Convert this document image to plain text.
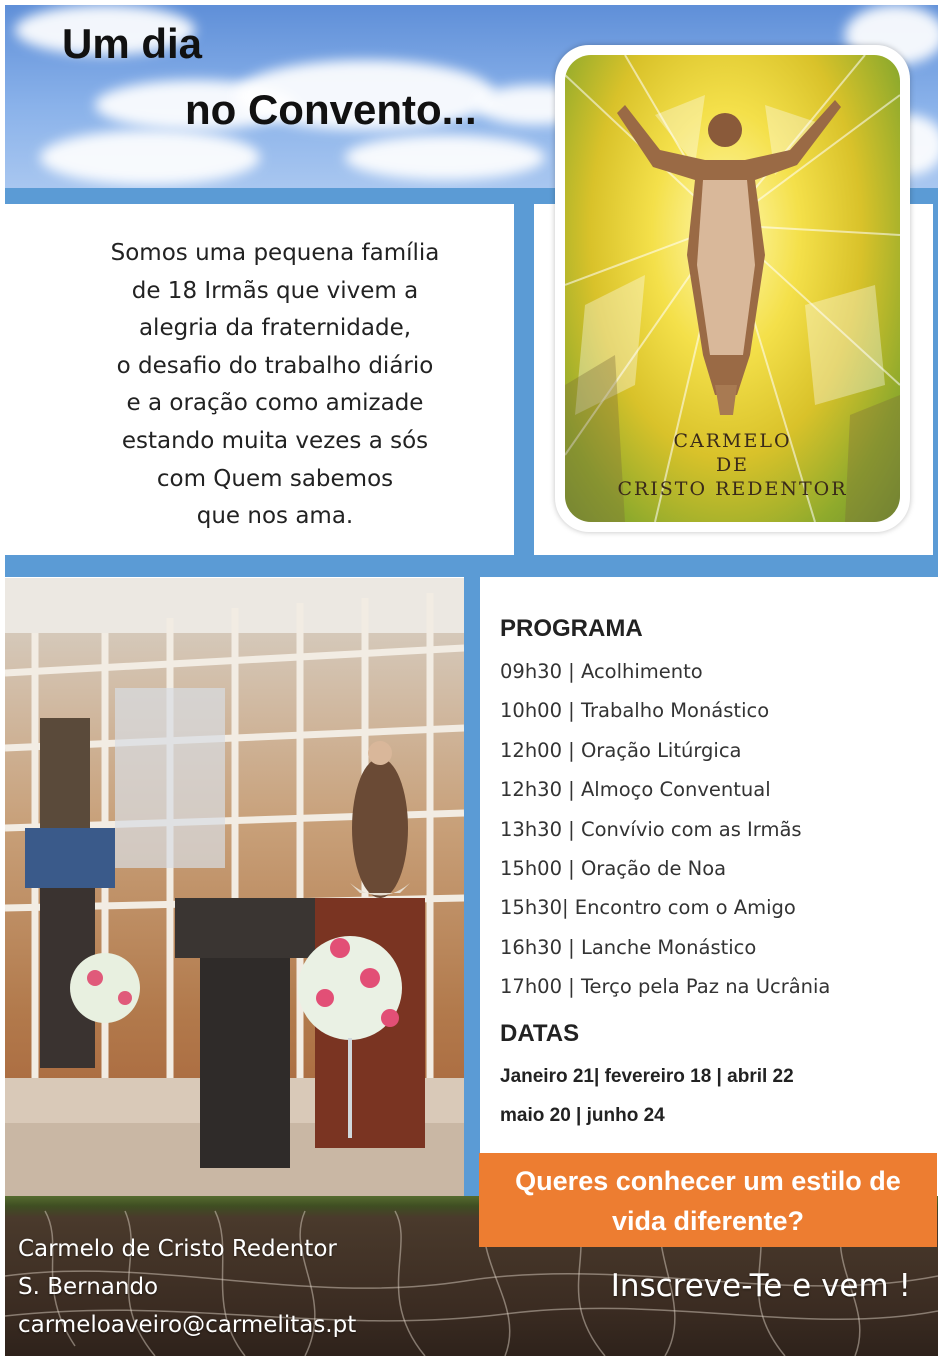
Um dia
no Convento...

Somos uma pequena família
de 18 Irmãs que vivem a
alegria da fraternidade,
o desafio do trabalho diário
e a oração como amizade
estando muita vezes a sós
com Quem sabemos
que nos ama.

CARMELO
DE
CRISTO REDENTOR
PROGRAMA
09h30 | Acolhimento
10h00 | Trabalho Monástico
12h00 | Oração Litúrgica
12h30 | Almoço Conventual
13h30 | Convívio com as Irmãs
15h00 | Oração de Noa
15h30| Encontro com o Amigo
16h30 | Lanche Monástico
17h00 | Terço pela Paz na Ucrânia
DATAS
Janeiro 21| fevereiro 18 | abril 22
maio 20 | junho 24
Queres conhecer um estilo de
vida diferente?
Carmelo de Cristo Redentor
S. Bernando
carmeloaveiro@carmelitas.pt
Inscreve-Te e vem !
